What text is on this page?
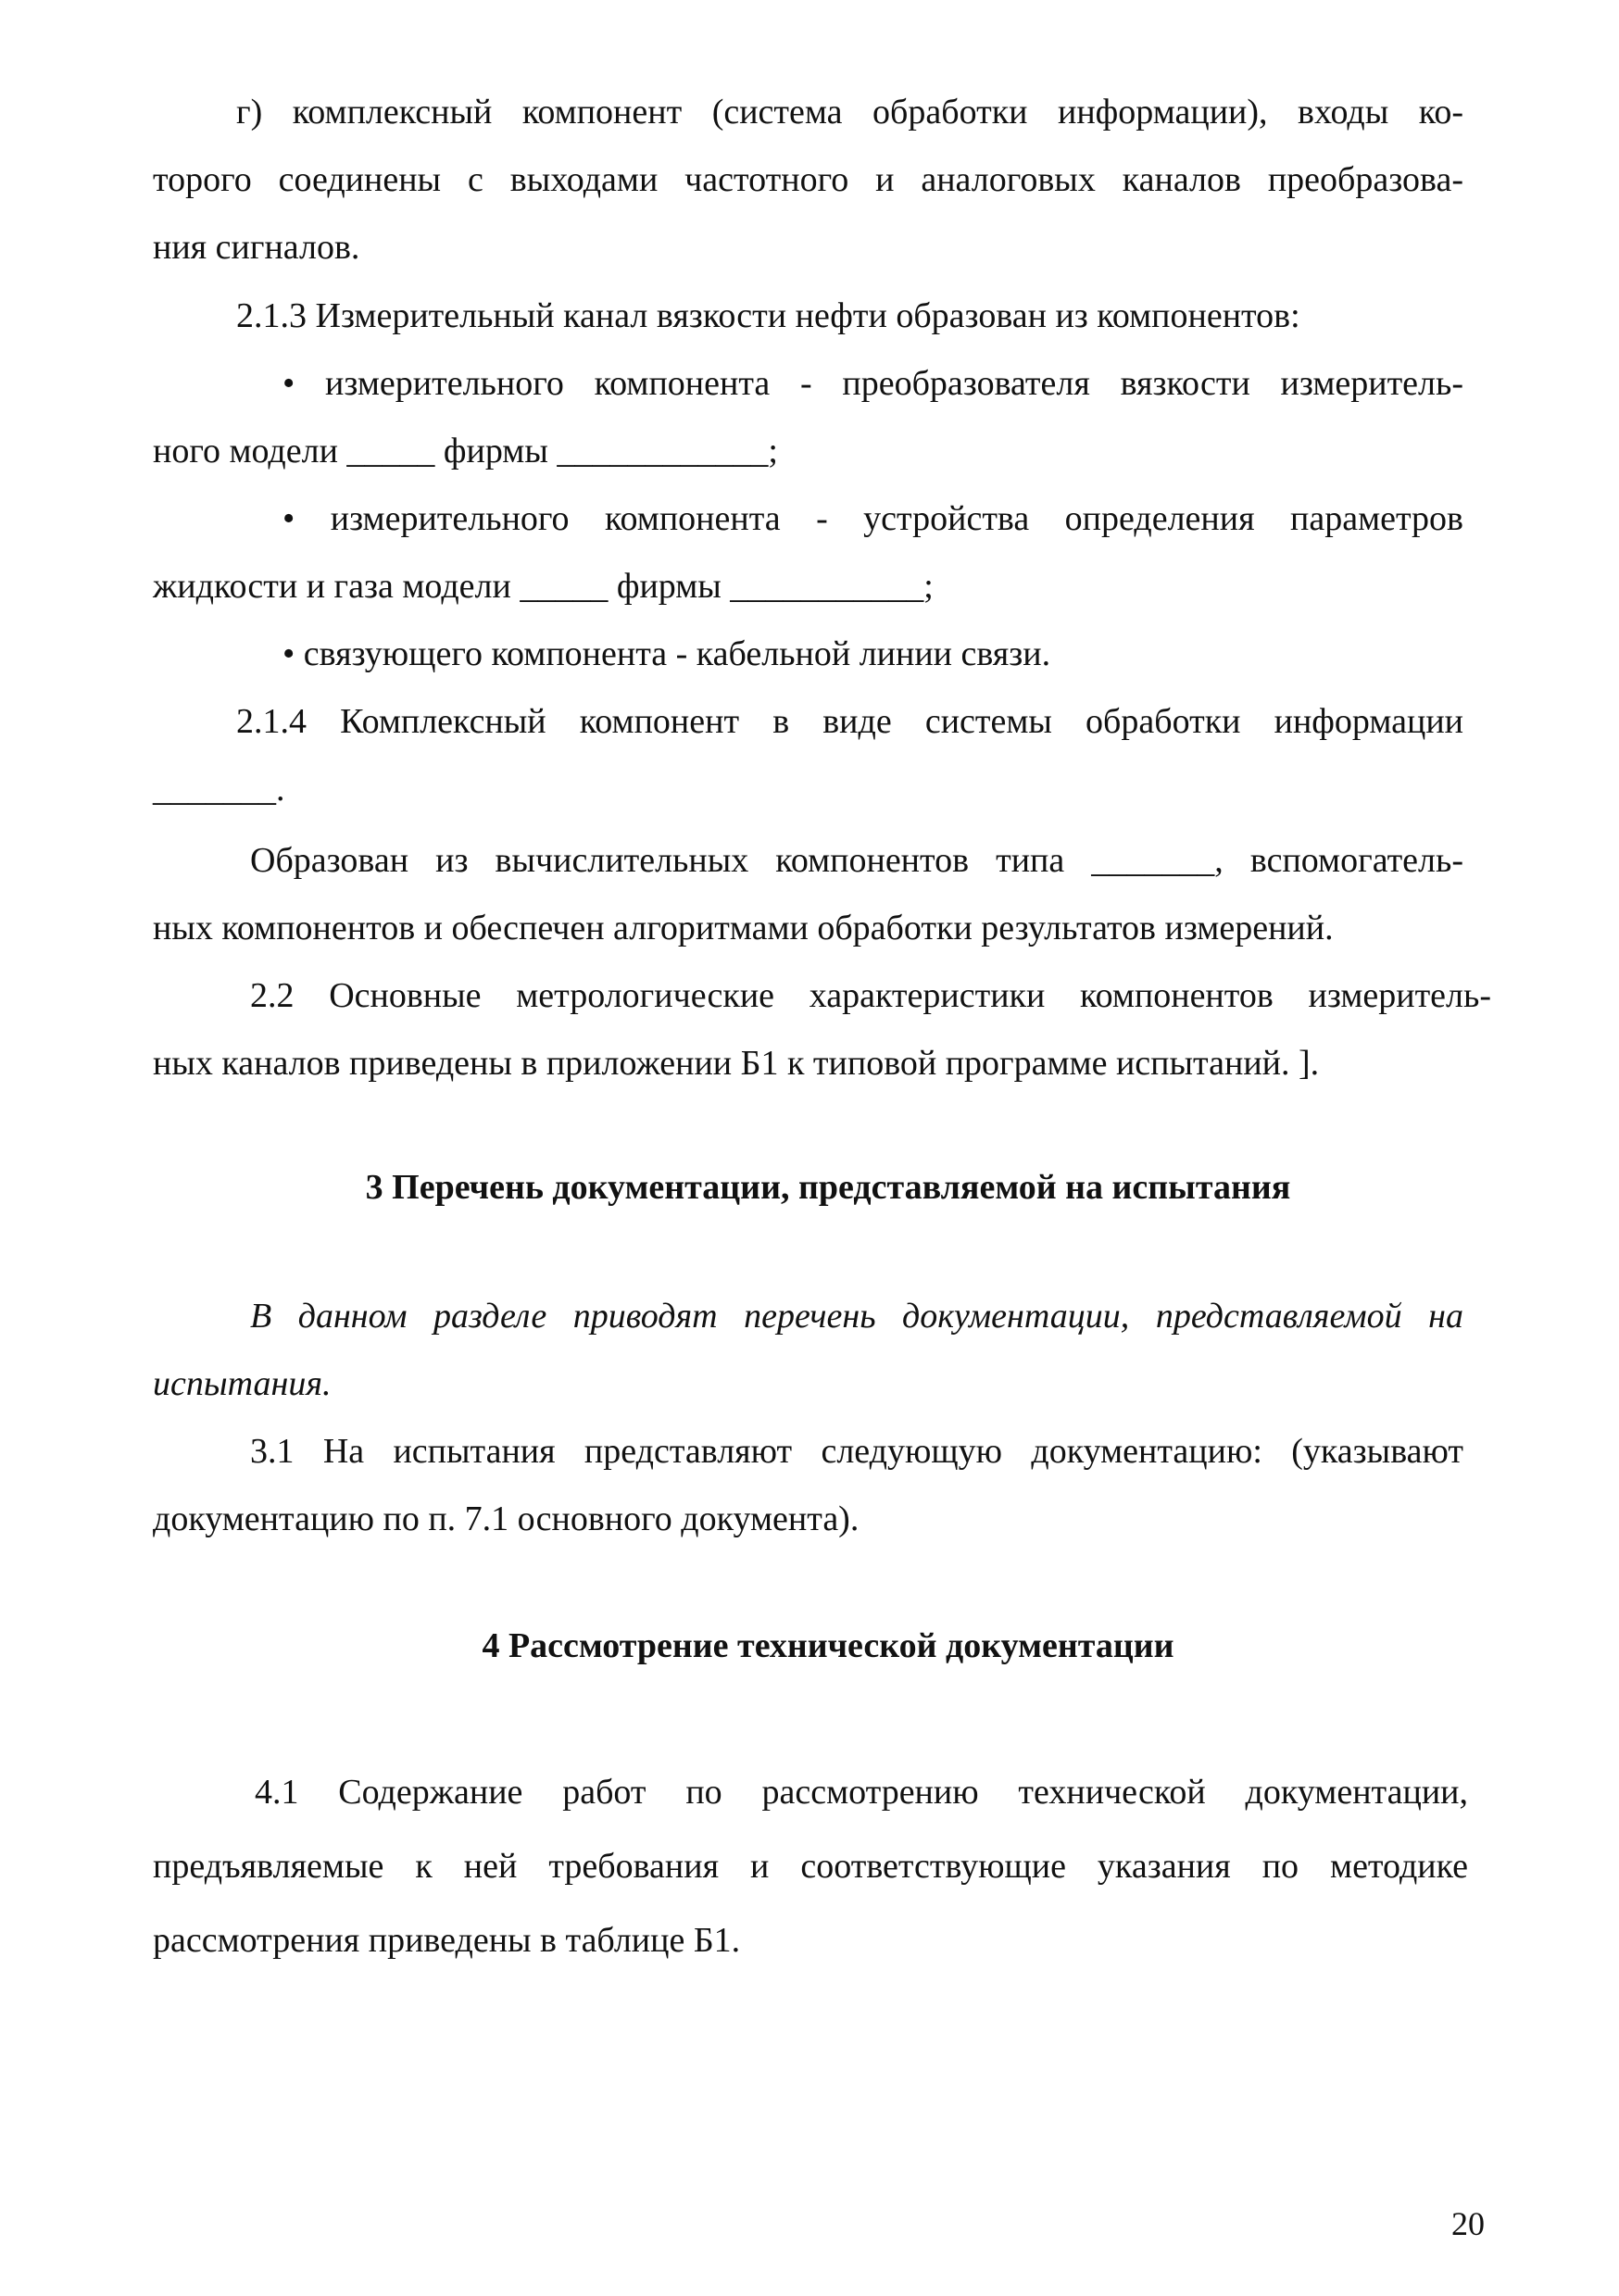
г) комплексный компонент (система обработки информации), входы ко-
торого соединены с выходами частотного и аналоговых каналов преобразова-
ния сигналов.
2.1.3 Измерительный канал вязкости нефти образован из компонентов:
• измерительного компонента - преобразователя вязкости измеритель-
ного модели _____ фирмы ____________;
• измерительного компонента - устройства определения параметров
жидкости и газа модели _____ фирмы ___________;
• связующего компонента - кабельной линии связи.
2.1.4 Комплексный компонент в виде системы обработки информации
_______.
Образован из вычислительных компонентов типа _______, вспомогатель-
ных компонентов и обеспечен алгоритмами обработки результатов измерений.
2.2 Основные метрологические характеристики компонентов измеритель-
ных каналов приведены в приложении Б1 к типовой программе испытаний. ].
3 Перечень документации, представляемой на испытания
В данном разделе приводят перечень документации, представляемой на
испытания.
3.1 На испытания представляют следующую документацию: (указывают
документацию по п. 7.1 основного документа).
4 Рассмотрение технической документации
4.1 Содержание работ по рассмотрению технической документации,
предъявляемые к ней требования и соответствующие указания по методике
рассмотрения приведены в таблице Б1.
20
